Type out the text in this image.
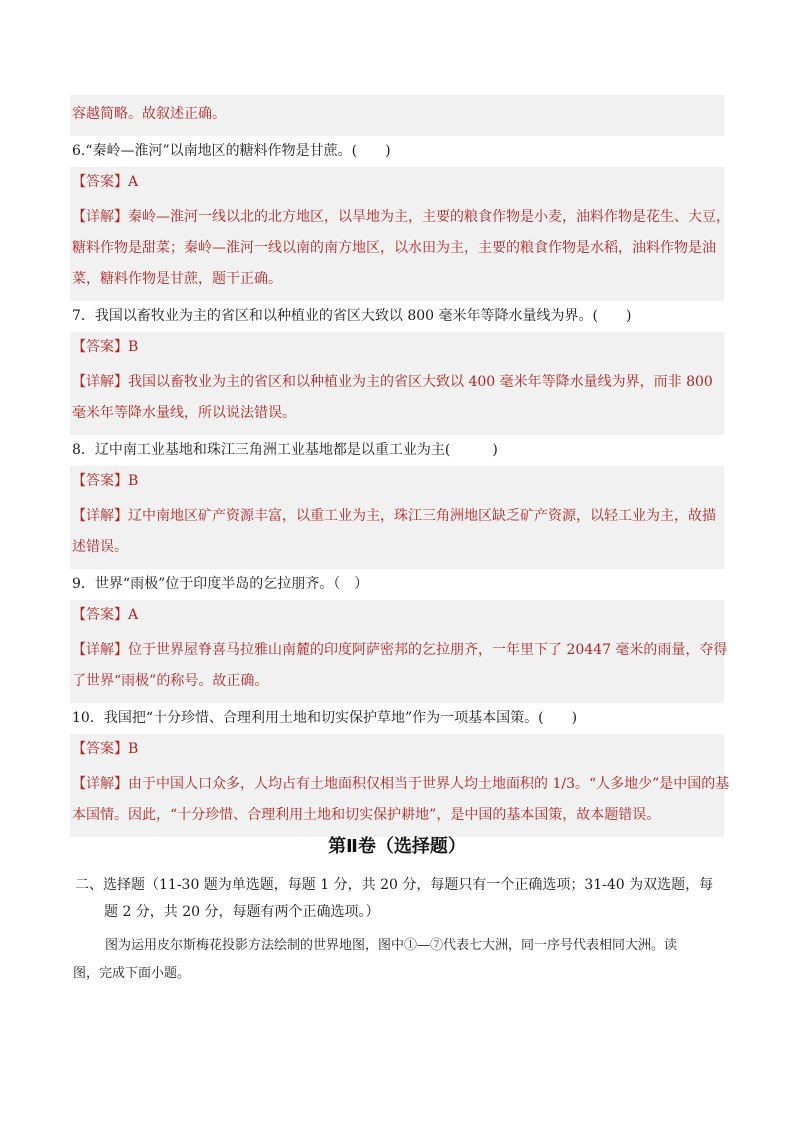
容越简略。故叙述正确。
6.“秦岭—淮河”以南地区的糖料作物是甘蔗。(　　)
【答案】A
【详解】秦岭—淮河一线以北的北方地区，以旱地为主，主要的粮食作物是小麦，油料作物是花生、大豆，
糖料作物是甜菜；秦岭—淮河一线以南的南方地区，以水田为主，主要的粮食作物是水稻，油料作物是油
菜，糖料作物是甘蔗，题干正确。
7．我国以畜牧业为主的省区和以种植业的省区大致以 800 毫米年等降水量线为界。(　　)
【答案】B
【详解】我国以畜牧业为主的省区和以种植业为主的省区大致以 400 毫米年等降水量线为界，而非 800
毫米年等降水量线，所以说法错误。
8．辽中南工业基地和珠江三角洲工业基地都是以重工业为主(　　　)
【答案】B
【详解】辽中南地区矿产资源丰富，以重工业为主，珠江三角洲地区缺乏矿产资源，以轻工业为主，故描
述错误。
9．世界“雨极”位于印度半岛的乞拉朋齐。（　）
【答案】A
【详解】位于世界屋脊喜马拉雅山南麓的印度阿萨密邦的乞拉朋齐，一年里下了 20447 毫米的雨量，夺得
了世界“雨极”的称号。故正确。
10．我国把“十分珍惜、合理利用土地和切实保护草地”作为一项基本国策。(　　)
【答案】B
【详解】由于中国人口众多，人均占有土地面积仅相当于世界人均土地面积的 1/3。“人多地少”是中国的基
本国情。因此，“十分珍惜、合理利用土地和切实保护耕地”，是中国的基本国策，故本题错误。
第Ⅱ卷（选择题）
二、选择题（11-30 题为单选题，每题 1 分，共 20 分，每题只有一个正确选项；31-40 为双选题，每
题 2 分，共 20 分，每题有两个正确选项。）
图为运用皮尔斯梅花投影方法绘制的世界地图，图中①—⑦代表七大洲，同一序号代表相同大洲。读
图，完成下面小题。
